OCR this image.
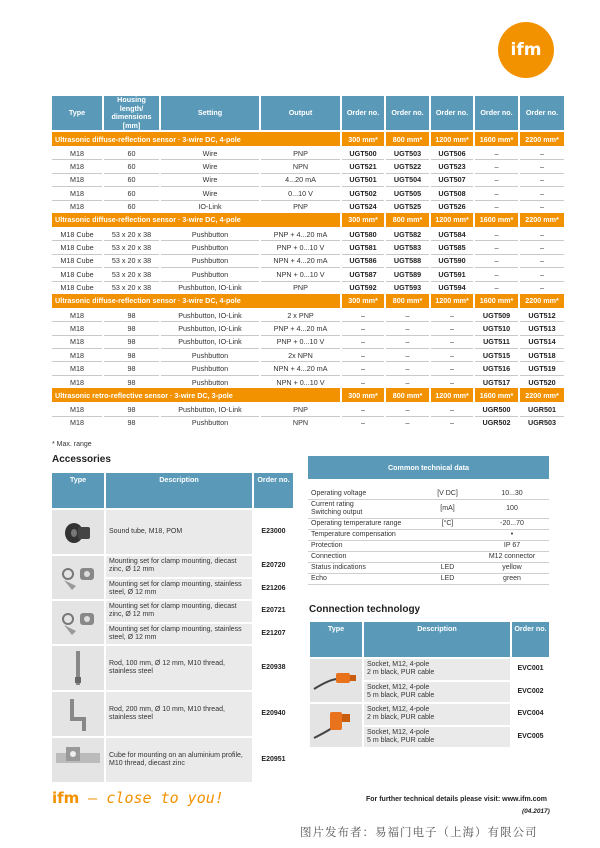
ifm
Type	Housing length/ dimensions [mm]	Setting	Output	Order no.	Order no.	Order no.	Order no.	Order no.
Ultrasonic diffuse-reflection sensor · 3-wire DC, 4-pole				300 mm*	800 mm*	1200 mm*	1600 mm*	2200 mm*
M18	60	Wire	PNP	UGT500	UGT503	UGT506	–	–
M18	60	Wire	NPN	UGT521	UGT522	UGT523	–	–
M18	60	Wire	4...20 mA	UGT501	UGT504	UGT507	–	–
M18	60	Wire	0...10 V	UGT502	UGT505	UGT508	–	–
M18	60	IO-Link	PNP	UGT524	UGT525	UGT526	–	–
Ultrasonic diffuse-reflection sensor · 3-wire DC, 4-pole				300 mm*	800 mm*	1200 mm*	1600 mm*	2200 mm*
M18 Cube	53 x 20 x 38	Pushbutton	PNP + 4...20 mA	UGT580	UGT582	UGT584	–	–
M18 Cube	53 x 20 x 38	Pushbutton	PNP + 0...10 V	UGT581	UGT583	UGT585	–	–
M18 Cube	53 x 20 x 38	Pushbutton	NPN + 4...20 mA	UGT586	UGT588	UGT590	–	–
M18 Cube	53 x 20 x 38	Pushbutton	NPN + 0...10 V	UGT587	UGT589	UGT591	–	–
M18 Cube	53 x 20 x 38	Pushbutton, IO-Link	PNP	UGT592	UGT593	UGT594	–	–
Ultrasonic diffuse-reflection sensor · 3-wire DC, 4-pole				300 mm*	800 mm*	1200 mm*	1600 mm*	2200 mm*
M18	98	Pushbutton, IO-Link	2 x PNP	–	–	–	UGT509	UGT512
M18	98	Pushbutton, IO-Link	PNP + 4...20 mA	–	–	–	UGT510	UGT513
M18	98	Pushbutton, IO-Link	PNP + 0...10 V	–	–	–	UGT511	UGT514
M18	98	Pushbutton	2x NPN	–	–	–	UGT515	UGT518
M18	98	Pushbutton	NPN + 4...20 mA	–	–	–	UGT516	UGT519
M18	98	Pushbutton	NPN + 0...10 V	–	–	–	UGT517	UGT520
Ultrasonic retro-reflective sensor · 3-wire DC, 3-pole				300 mm*	800 mm*	1200 mm*	1600 mm*	2200 mm*
M18	98	Pushbutton, IO-Link	PNP	–	–	–	UGR500	UGR501
M18	98	Pushbutton	NPN	–	–	–	UGR502	UGR503
* Max. range
Accessories
Type	Description	Order no.
	Sound tube, M18, POM	E23000
	Mounting set for clamp mounting, diecast zinc, Ø 12 mm	E20720
	Mounting set for clamp mounting, stainless steel, Ø 12 mm	E21206
	Mounting set for clamp mounting, diecast zinc, Ø 12 mm	E20721
	Mounting set for clamp mounting, stainless steel, Ø 12 mm	E21207
	Rod, 100 mm, Ø 12 mm, M10 thread, stainless steel	E20938
	Rod, 200 mm, Ø 10 mm, M10 thread, stainless steel	E20940
	Cube for mounting on an aluminium profile, M10 thread, diecast zinc	E20951
Common technical data		

Operating voltage	[V DC]	10...30
Current rating
Switching output	[mA]	100
Operating temperature range	[°C]	-20...70
Temperature compensation		•
Protection		IP 67
Connection		M12 connector
Status indications	LED	yellow
Echo	LED	green
Connection technology
Type	Description	Order no.
	Socket, M12, 4-pole
2 m black, PUR cable	EVC001
	Socket, M12, 4-pole
5 m black, PUR cable	EVC002
	Socket, M12, 4-pole
2 m black, PUR cable	EVC004
	Socket, M12, 4-pole
5 m black, PUR cable	EVC005
ifm – close to you!	For further technical details please visit: www.ifm.com
(04.2017)
图片发布者：易福门电子（上海）有限公司
